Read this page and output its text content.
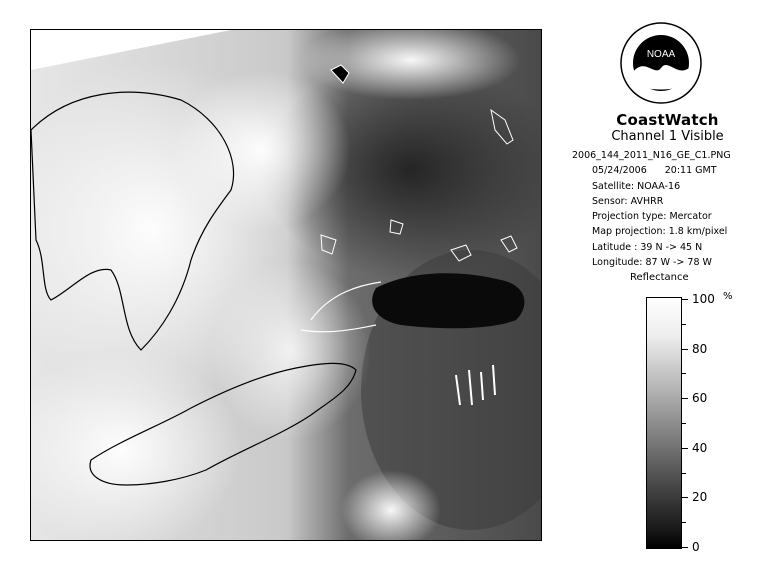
NOAA
CoastWatch
Channel 1 Visible
2006_144_2011_N16_GE_C1.PNG
05/24/2006 20:11 GMT
Satellite: NOAA-16
Sensor: AVHRR
Projection type: Mercator
Map projection: 1.8 km/pixel
Latitude : 39 N -> 45 N
Longitude: 87 W -> 78 W
Reflectance
%
100
80
60
40
20
0
